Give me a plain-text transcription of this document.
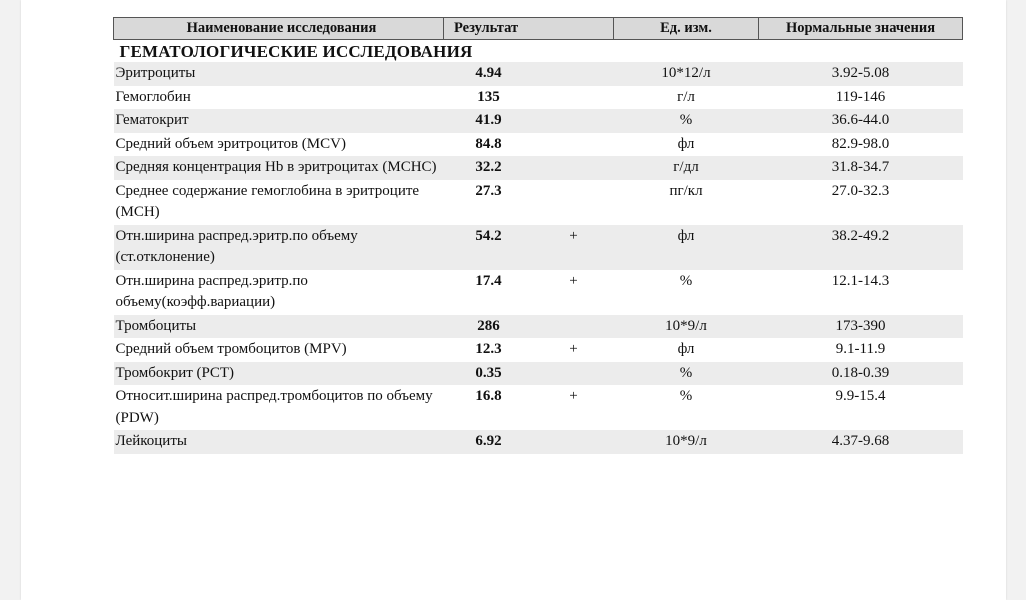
Наименование исследования	Результат		Ед. изм.	Нормальные значения
ГЕМАТОЛОГИЧЕСКИЕ ИССЛЕДОВАНИЯ				
Эритроциты	4.94		10*12/л	3.92-5.08
Гемоглобин	135		г/л	119-146
Гематокрит	41.9		%	36.6-44.0
Средний объем эритроцитов (MCV)	84.8		фл	82.9-98.0
Средняя концентрация Hb в эритроцитах (MCHC)	32.2		г/дл	31.8-34.7
Среднее содержание гемоглобина в эритроците (MCH)	27.3		пг/кл	27.0-32.3
Отн.ширина распред.эритр.по объему (ст.отклонение)	54.2	+	фл	38.2-49.2
Отн.ширина распред.эритр.по объему(коэфф.вариации)	17.4	+	%	12.1-14.3
Тромбоциты	286		10*9/л	173-390
Средний объем тромбоцитов (MPV)	12.3	+	фл	9.1-11.9
Тромбокрит (PCT)	0.35		%	0.18-0.39
Относит.ширина распред.тромбоцитов по объему (PDW)	16.8	+	%	9.9-15.4
Лейкоциты	6.92		10*9/л	4.37-9.68
